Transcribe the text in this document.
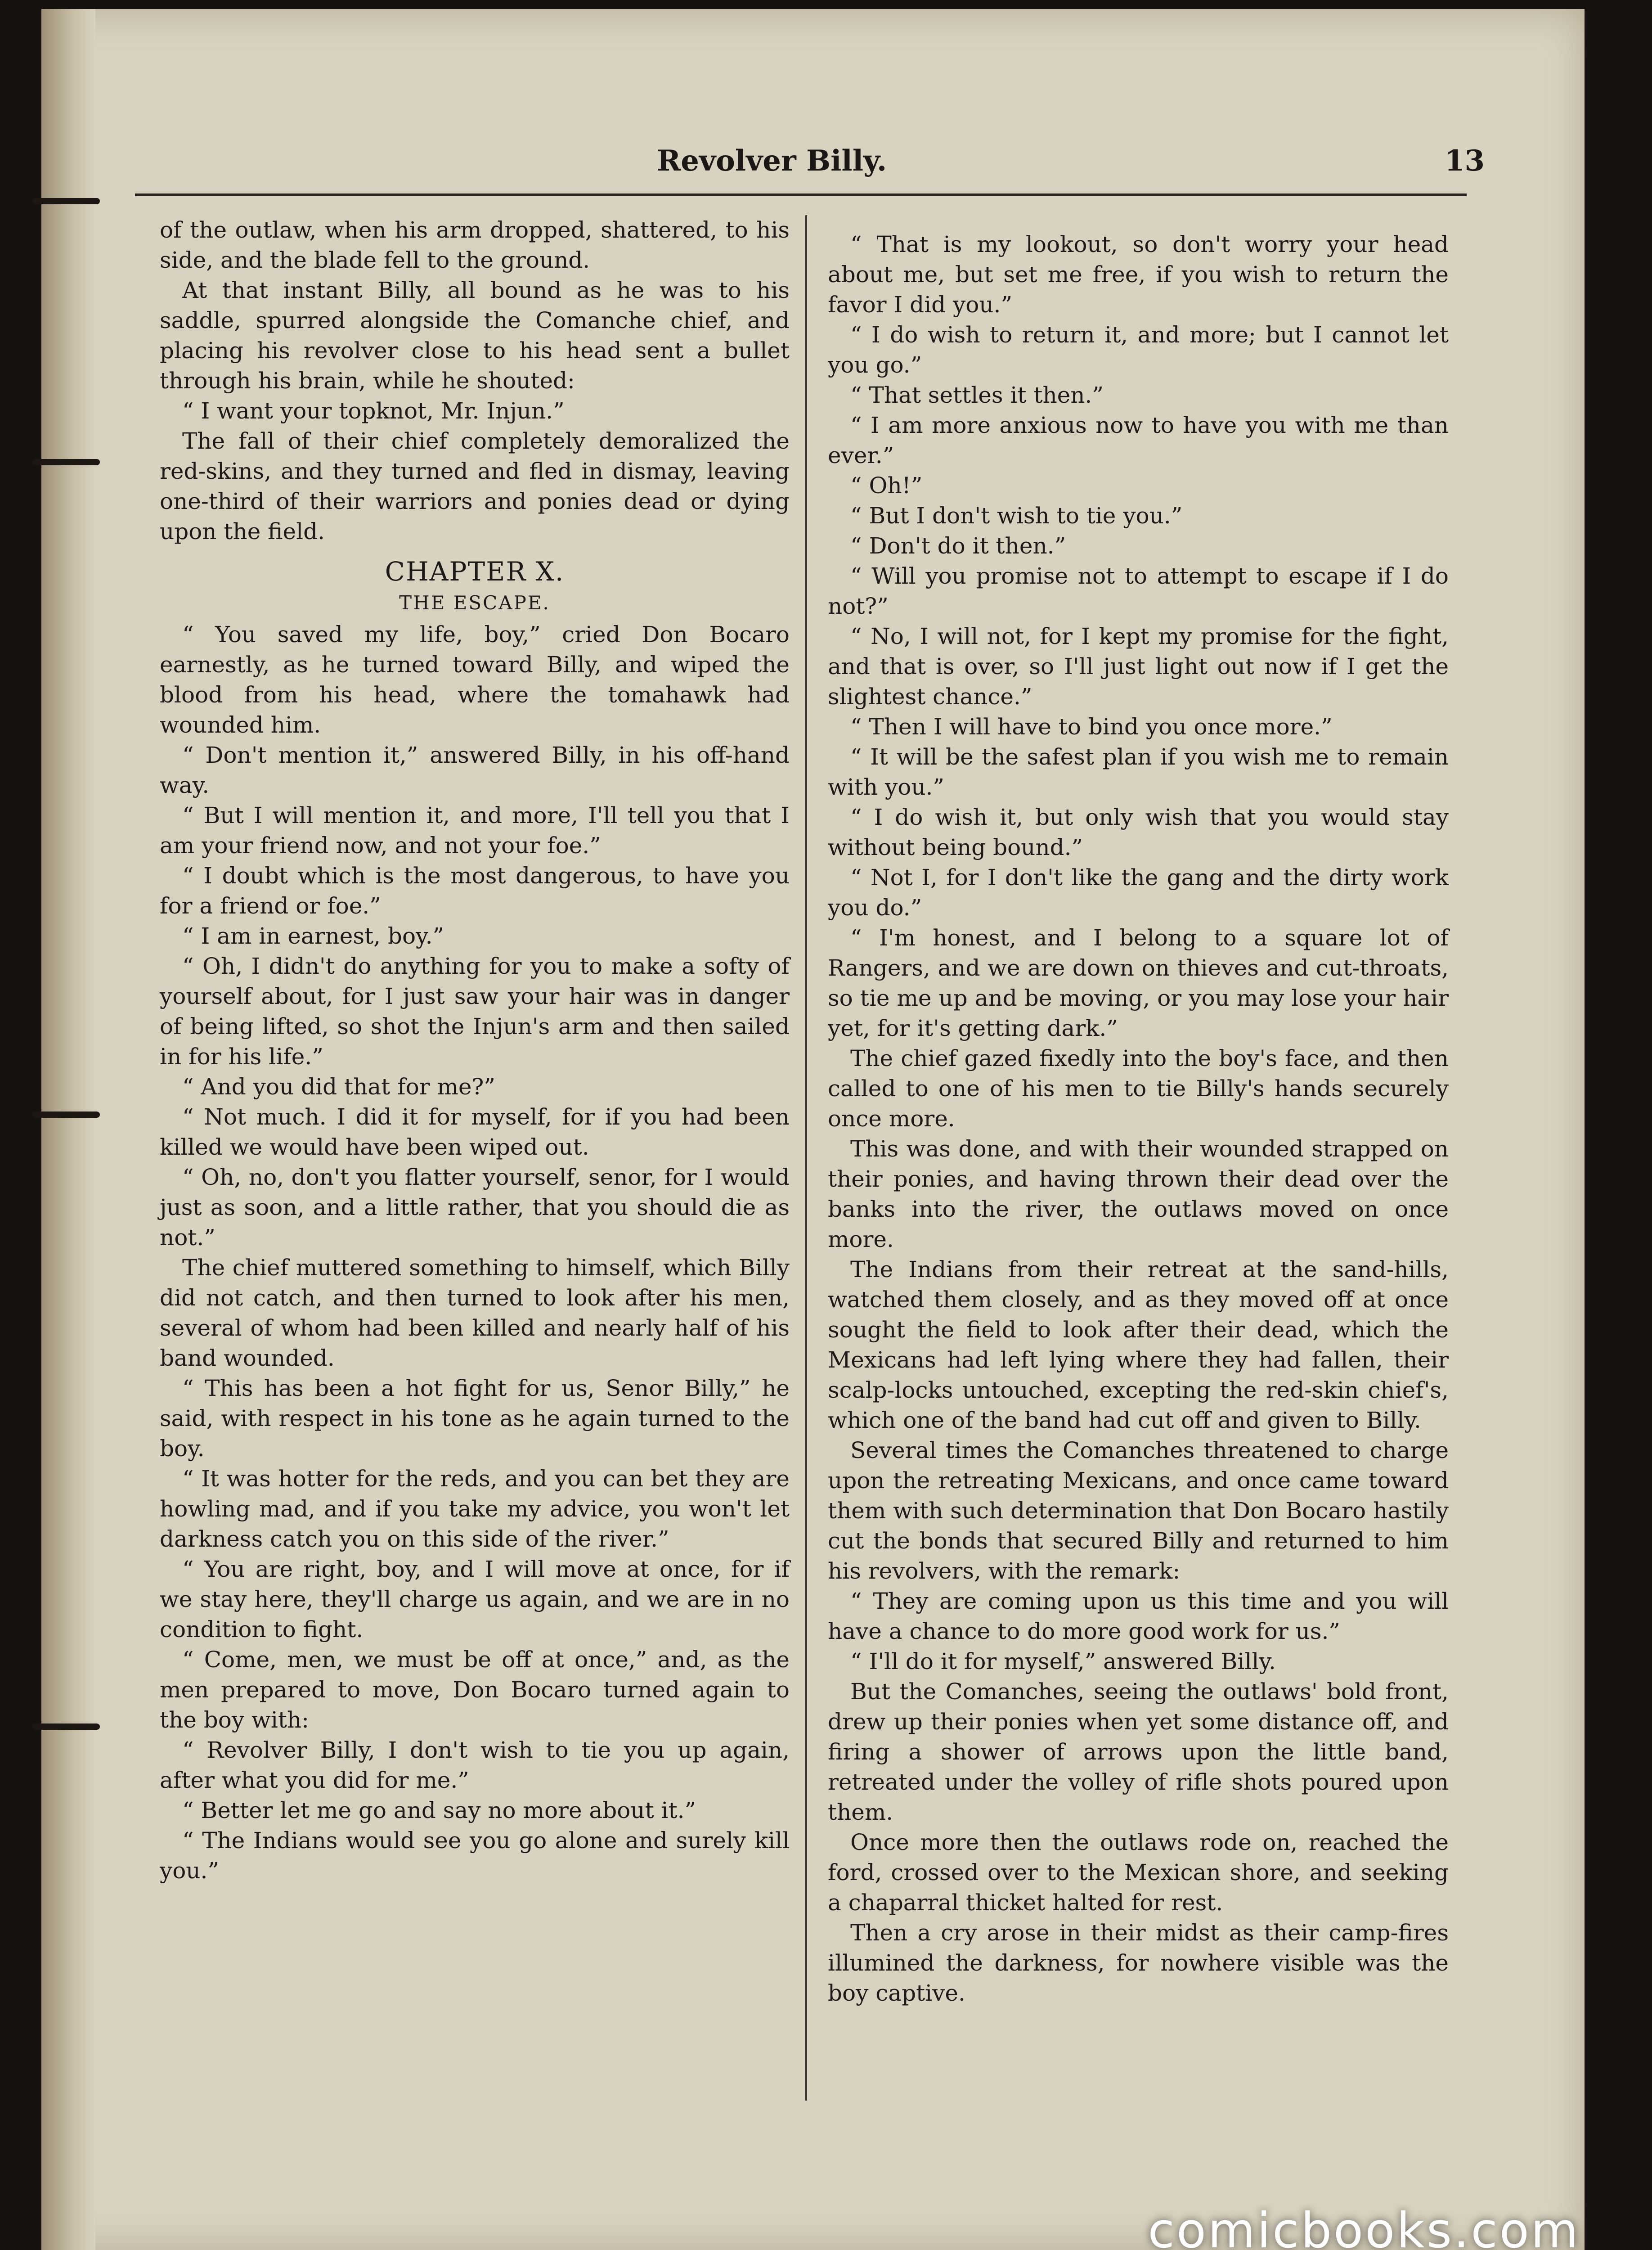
Revolver Billy.	13

of the outlaw, when his arm dropped, shattered, to his side, and the blade fell to the ground.

At that instant Billy, all bound as he was to his saddle, spurred alongside the Comanche chief, and placing his revolver close to his head sent a bullet through his brain, while he shouted:

“ I want your topknot, Mr. Injun.”

The fall of their chief completely demoralized the red-skins, and they turned and fled in dismay, leaving one-third of their warriors and ponies dead or dying upon the field.

CHAPTER X.

THE ESCAPE.

“ You saved my life, boy,” cried Don Bocaro earnestly, as he turned toward Billy, and wiped the blood from his head, where the tomahawk had wounded him.

“ Don't mention it,” answered Billy, in his off-hand way.

“ But I will mention it, and more, I'll tell you that I am your friend now, and not your foe.”

“ I doubt which is the most dangerous, to have you for a friend or foe.”

“ I am in earnest, boy.”

“ Oh, I didn't do anything for you to make a softy of yourself about, for I just saw your hair was in danger of being lifted, so shot the Injun's arm and then sailed in for his life.”

“ And you did that for me?”

“ Not much. I did it for myself, for if you had been killed we would have been wiped out.

“ Oh, no, don't you flatter yourself, senor, for I would just as soon, and a little rather, that you should die as not.”

The chief muttered something to himself, which Billy did not catch, and then turned to look after his men, several of whom had been killed and nearly half of his band wounded.

“ This has been a hot fight for us, Senor Billy,” he said, with respect in his tone as he again turned to the boy.

“ It was hotter for the reds, and you can bet they are howling mad, and if you take my advice, you won't let darkness catch you on this side of the river.”

“ You are right, boy, and I will move at once, for if we stay here, they'll charge us again, and we are in no condition to fight.

“ Come, men, we must be off at once,” and, as the men prepared to move, Don Bocaro turned again to the boy with:

“ Revolver Billy, I don't wish to tie you up again, after what you did for me.”

“ Better let me go and say no more about it.”

“ The Indians would see you go alone and surely kill you.”

“ That is my lookout, so don't worry your head about me, but set me free, if you wish to return the favor I did you.”

“ I do wish to return it, and more; but I cannot let you go.”

“ That settles it then.”

“ I am more anxious now to have you with me than ever.”

“ Oh!”

“ But I don't wish to tie you.”

“ Don't do it then.”

“ Will you promise not to attempt to escape if I do not?”

“ No, I will not, for I kept my promise for the fight, and that is over, so I'll just light out now if I get the slightest chance.”

“ Then I will have to bind you once more.”

“ It will be the safest plan if you wish me to remain with you.”

“ I do wish it, but only wish that you would stay without being bound.”

“ Not I, for I don't like the gang and the dirty work you do.”

“ I'm honest, and I belong to a square lot of Rangers, and we are down on thieves and cut-throats, so tie me up and be moving, or you may lose your hair yet, for it's getting dark.”

The chief gazed fixedly into the boy's face, and then called to one of his men to tie Billy's hands securely once more.

This was done, and with their wounded strapped on their ponies, and having thrown their dead over the banks into the river, the outlaws moved on once more.

The Indians from their retreat at the sand-hills, watched them closely, and as they moved off at once sought the field to look after their dead, which the Mexicans had left lying where they had fallen, their scalp-locks untouched, excepting the red-skin chief's, which one of the band had cut off and given to Billy.

Several times the Comanches threatened to charge upon the retreating Mexicans, and once came toward them with such determination that Don Bocaro hastily cut the bonds that secured Billy and returned to him his revolvers, with the remark:

“ They are coming upon us this time and you will have a chance to do more good work for us.”

“ I'll do it for myself,” answered Billy.

But the Comanches, seeing the outlaws' bold front, drew up their ponies when yet some distance off, and firing a shower of arrows upon the little band, retreated under the volley of rifle shots poured upon them.

Once more then the outlaws rode on, reached the ford, crossed over to the Mexican shore, and seeking a chaparral thicket halted for rest.

Then a cry arose in their midst as their camp-fires illumined the darkness, for nowhere visible was the boy captive.

comicbooks.com
